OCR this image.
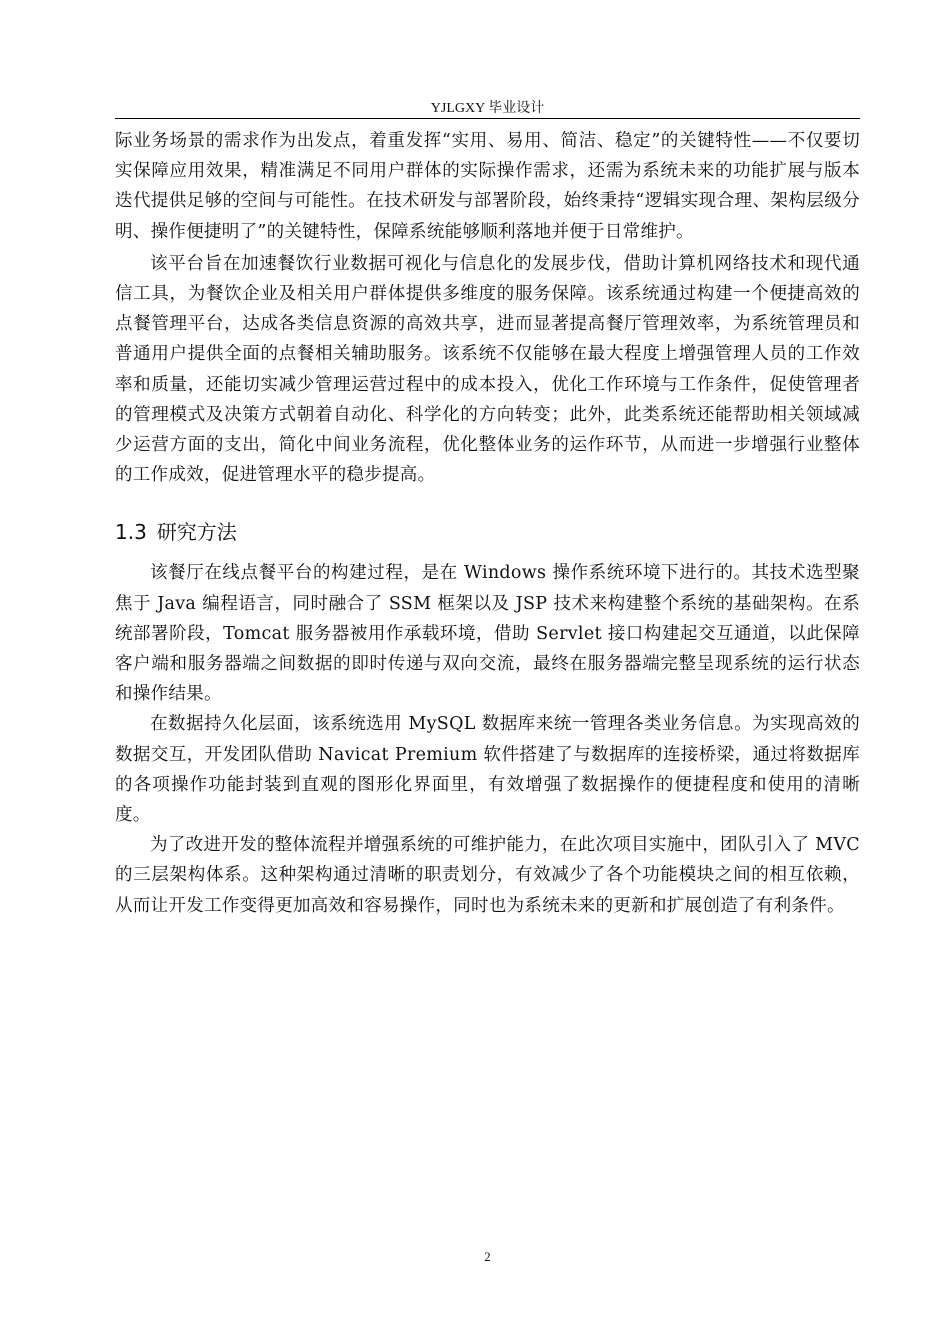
YJLGXY 毕业设计

际业务场景的需求作为出发点，着重发挥“实用、易用、简洁、稳定”的关键特性——不仅要切实保障应用效果，精准满足不同用户群体的实际操作需求，还需为系统未来的功能扩展与版本迭代提供足够的空间与可能性。在技术研发与部署阶段，始终秉持“逻辑实现合理、架构层级分明、操作便捷明了”的关键特性，保障系统能够顺利落地并便于日常维护。

该平台旨在加速餐饮行业数据可视化与信息化的发展步伐，借助计算机网络技术和现代通信工具，为餐饮企业及相关用户群体提供多维度的服务保障。该系统通过构建一个便捷高效的点餐管理平台，达成各类信息资源的高效共享，进而显著提高餐厅管理效率，为系统管理员和普通用户提供全面的点餐相关辅助服务。该系统不仅能够在最大程度上增强管理人员的工作效率和质量，还能切实减少管理运营过程中的成本投入，优化工作环境与工作条件，促使管理者的管理模式及决策方式朝着自动化、科学化的方向转变；此外，此类系统还能帮助相关领域减少运营方面的支出，简化中间业务流程，优化整体业务的运作环节，从而进一步增强行业整体的工作成效，促进管理水平的稳步提高。

1.3 研究方法

该餐厅在线点餐平台的构建过程，是在 Windows 操作系统环境下进行的。其技术选型聚焦于 Java 编程语言，同时融合了 SSM 框架以及 JSP 技术来构建整个系统的基础架构。在系统部署阶段，Tomcat 服务器被用作承载环境，借助 Servlet 接口构建起交互通道，以此保障客户端和服务器端之间数据的即时传递与双向交流，最终在服务器端完整呈现系统的运行状态和操作结果。

在数据持久化层面，该系统选用 MySQL 数据库来统一管理各类业务信息。为实现高效的数据交互，开发团队借助 Navicat Premium 软件搭建了与数据库的连接桥梁，通过将数据库的各项操作功能封装到直观的图形化界面里，有效增强了数据操作的便捷程度和使用的清晰度。

为了改进开发的整体流程并增强系统的可维护能力，在此次项目实施中，团队引入了 MVC 的三层架构体系。这种架构通过清晰的职责划分，有效减少了各个功能模块之间的相互依赖，从而让开发工作变得更加高效和容易操作，同时也为系统未来的更新和扩展创造了有利条件。

2
